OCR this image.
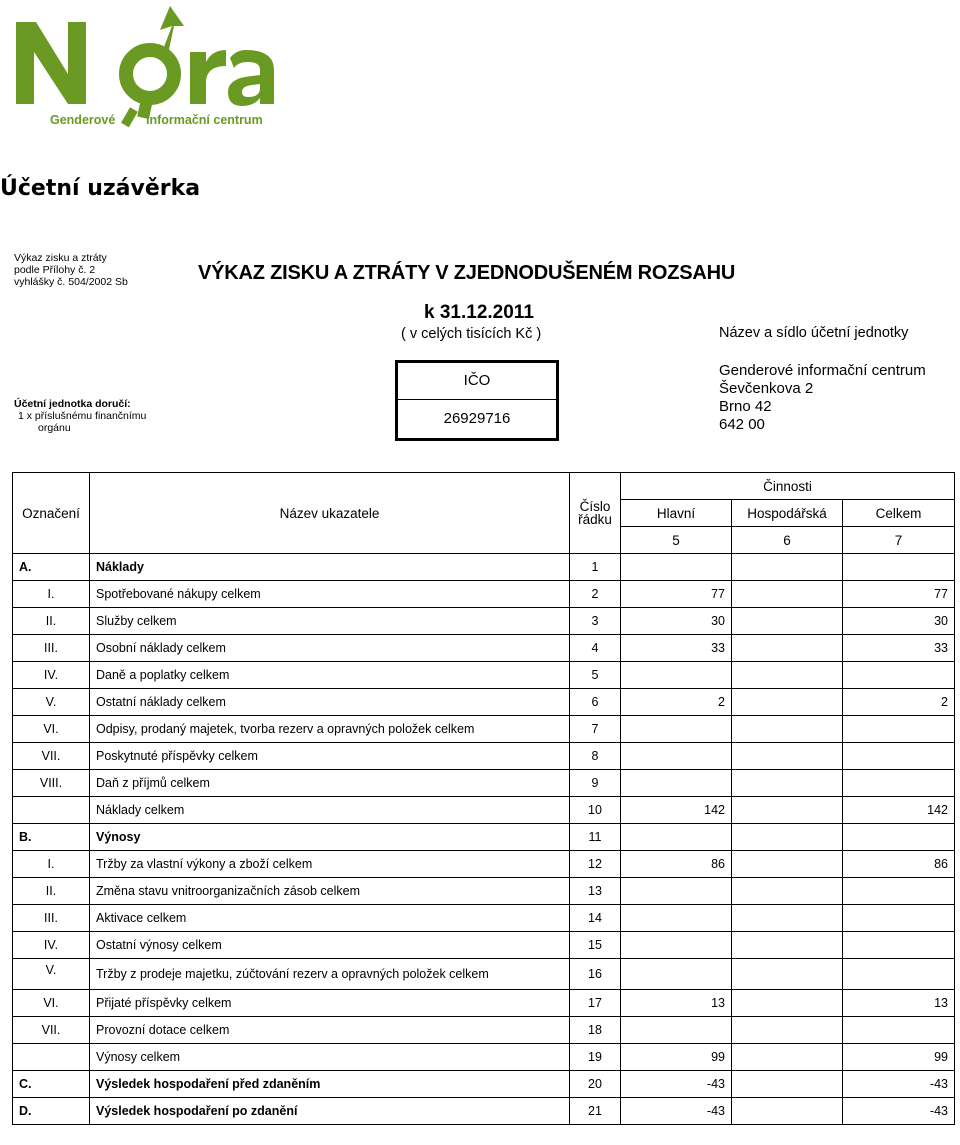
Genderové informační centrum
Účetní uzávěrka
Výkaz zisku a ztráty
podle Přílohy č. 2
vyhlášky č. 504/2002 Sb	VÝKAZ ZISKU A ZTRÁTY V ZJEDNODUŠENÉM ROZSAHU
k 31.12.2011
( v celých tisících Kč )	Název a sídlo účetní jednotky
Účetní jednotka doručí:
1 x příslušnému finančnímu
orgánu
IČO
26929716
Genderové informační centrum
Ševčenkova 2
Brno 42
642 00
Označení	Název ukazatele	Číslo řádku	Činnosti		
			Hlavní	Hospodářská	Celkem
			5	6	7
A.	Náklady	1			
I.	Spotřebované nákupy celkem	2	77		77
II.	Služby celkem	3	30		30
III.	Osobní náklady celkem	4	33		33
IV.	Daně a poplatky celkem	5			
V.	Ostatní náklady celkem	6	2		2
VI.	Odpisy, prodaný majetek, tvorba rezerv a opravných položek celkem	7			
VII.	Poskytnuté příspěvky celkem	8			
VIII.	Daň z příjmů celkem	9			
	Náklady celkem	10	142		142
B.	Výnosy	11			
I.	Tržby za vlastní výkony a zboží celkem	12	86		86
II.	Změna stavu vnitroorganizačních zásob celkem	13			
III.	Aktivace celkem	14			
IV.	Ostatní výnosy celkem	15			
V.	Tržby z prodeje majetku, zúčtování rezerv a opravných položek celkem	16			
VI.	Přijaté příspěvky celkem	17	13		13
VII.	Provozní dotace celkem	18			
	Výnosy celkem	19	99		99
C.	Výsledek hospodaření před zdaněním	20	-43		-43
D.	Výsledek hospodaření po zdanění	21	-43		-43
